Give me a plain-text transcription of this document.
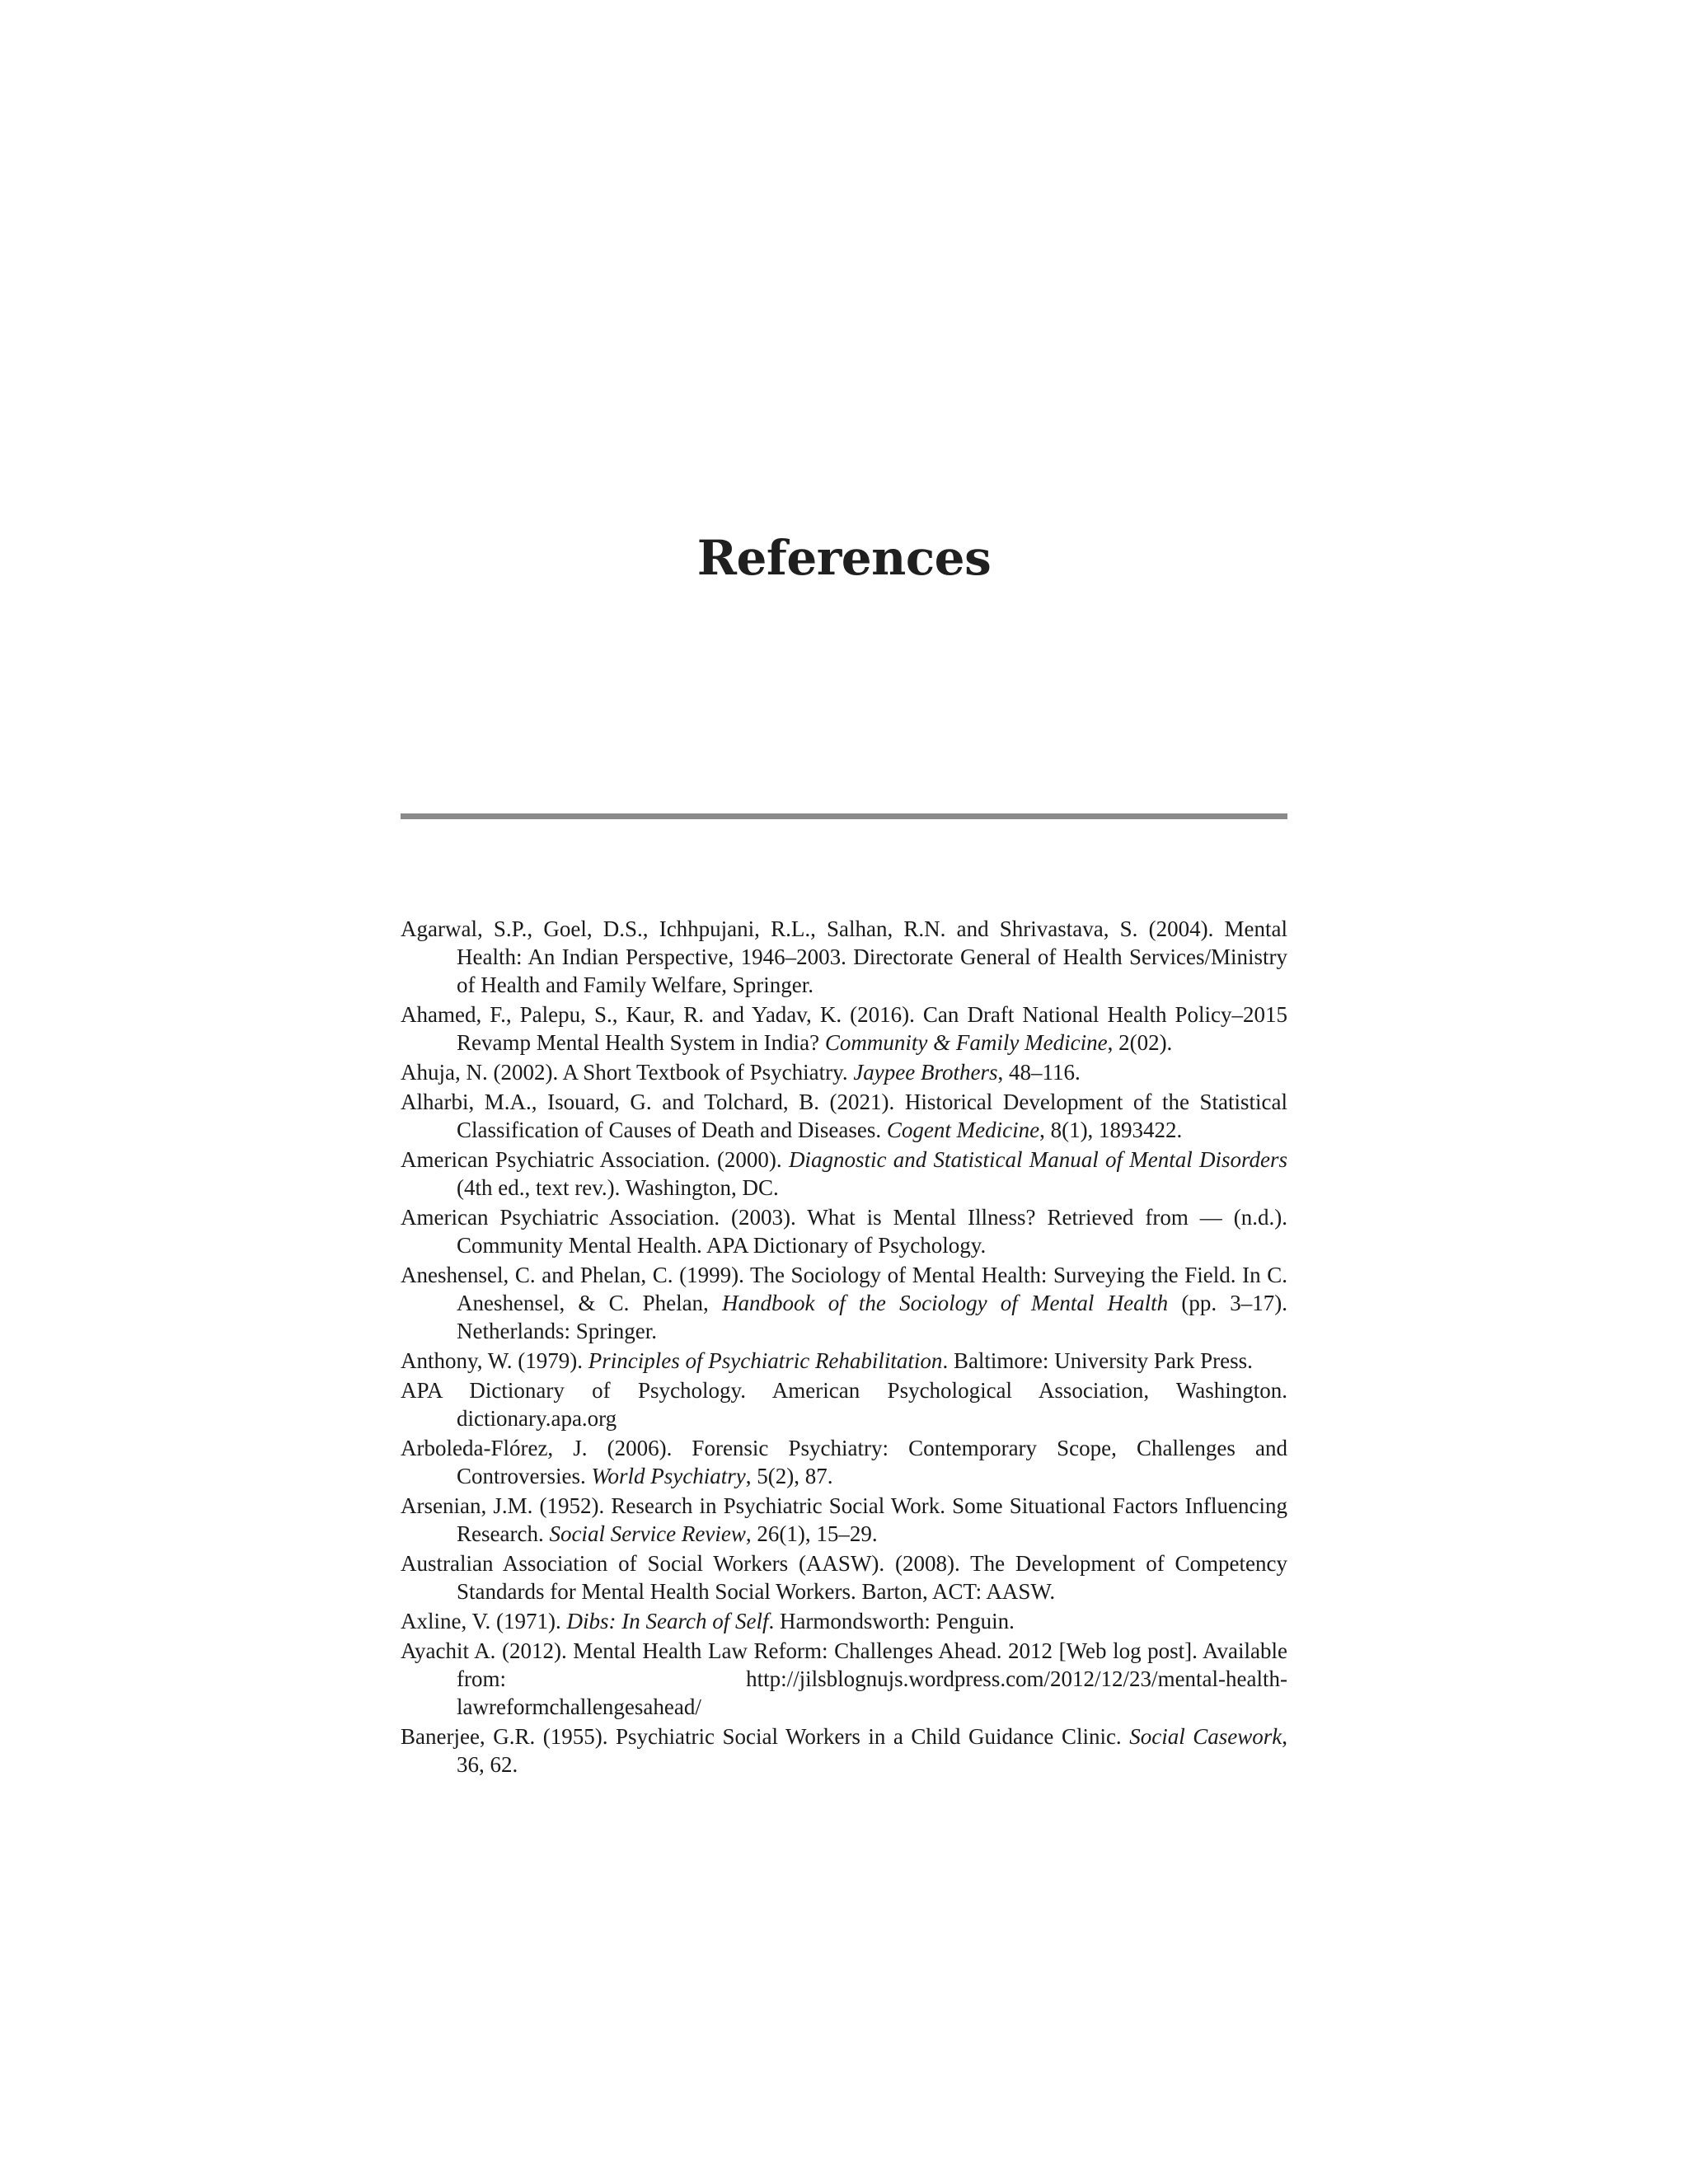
References

Agarwal, S.P., Goel, D.S., Ichhpujani, R.L., Salhan, R.N. and Shrivastava, S. (2004). Mental Health: An Indian Perspective, 1946–2003. Directorate General of Health Services/Ministry of Health and Family Welfare, Springer.

Ahamed, F., Palepu, S., Kaur, R. and Yadav, K. (2016). Can Draft National Health Policy–2015 Revamp Mental Health System in India? Community & Family Medicine, 2(02).

Ahuja, N. (2002). A Short Textbook of Psychiatry. Jaypee Brothers, 48–116.

Alharbi, M.A., Isouard, G. and Tolchard, B. (2021). Historical Development of the Statistical Classification of Causes of Death and Diseases. Cogent Medicine, 8(1), 1893422.

American Psychiatric Association. (2000). Diagnostic and Statistical Manual of Mental Disorders (4th ed., text rev.). Washington, DC.

American Psychiatric Association. (2003). What is Mental Illness? Retrieved from — (n.d.). Community Mental Health. APA Dictionary of Psychology.

Aneshensel, C. and Phelan, C. (1999). The Sociology of Mental Health: Surveying the Field. In C. Aneshensel, & C. Phelan, Handbook of the Sociology of Mental Health (pp. 3–17). Netherlands: Springer.

Anthony, W. (1979). Principles of Psychiatric Rehabilitation. Baltimore: University Park Press.

APA Dictionary of Psychology. American Psychological Association, Washington. dictionary.apa.org

Arboleda-Flórez, J. (2006). Forensic Psychiatry: Contemporary Scope, Challenges and Controversies. World Psychiatry, 5(2), 87.

Arsenian, J.M. (1952). Research in Psychiatric Social Work. Some Situational Factors Influencing Research. Social Service Review, 26(1), 15–29.

Australian Association of Social Workers (AASW). (2008). The Development of Competency Standards for Mental Health Social Workers. Barton, ACT: AASW.

Axline, V. (1971). Dibs: In Search of Self. Harmondsworth: Penguin.

Ayachit A. (2012). Mental Health Law Reform: Challenges Ahead. 2012 [Web log post]. Available from: http://jilsblognujs.wordpress.com/2012/12/23/mental-health-lawreformchallengesahead/

Banerjee, G.R. (1955). Psychiatric Social Workers in a Child Guidance Clinic. Social Casework, 36, 62.
